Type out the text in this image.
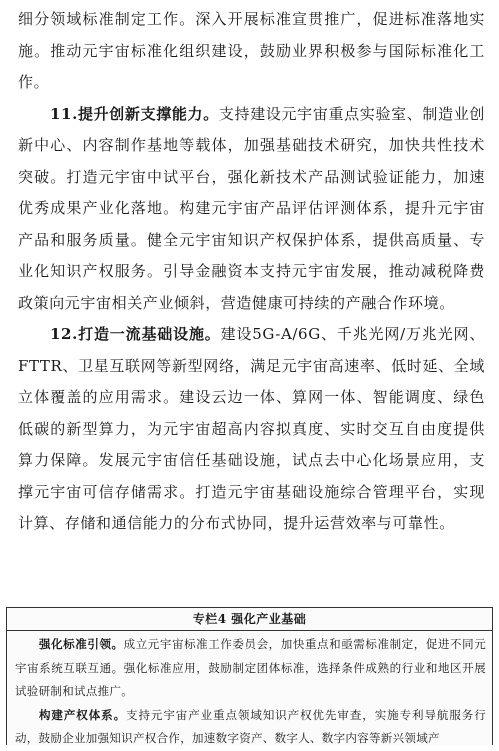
细分领域标准制定工作。深入开展标准宣贯推广，促进标准落地实施。推动元宇宙标准化组织建设，鼓励业界积极参与国际标准化工作。

11.提升创新支撑能力。支持建设元宇宙重点实验室、制造业创新中心、内容制作基地等载体，加强基础技术研究，加快共性技术突破。打造元宇宙中试平台，强化新技术产品测试验证能力，加速优秀成果产业化落地。构建元宇宙产品评估评测体系，提升元宇宙产品和服务质量。健全元宇宙知识产权保护体系，提供高质量、专业化知识产权服务。引导金融资本支持元宇宙发展，推动减税降费政策向元宇宙相关产业倾斜，营造健康可持续的产融合作环境。

12.打造一流基础设施。建设5G-A/6G、千兆光网/万兆光网、FTTR、卫星互联网等新型网络，满足元宇宙高速率、低时延、全域立体覆盖的应用需求。建设云边一体、算网一体、智能调度、绿色低碳的新型算力，为元宇宙超高内容拟真度、实时交互自由度提供算力保障。发展元宇宙信任基础设施，试点去中心化场景应用，支撑元宇宙可信存储需求。打造元宇宙基础设施综合管理平台，实现计算、存储和通信能力的分布式协同，提升运营效率与可靠性。

专栏4 强化产业基础

强化标准引领。成立元宇宙标准工作委员会，加快重点和亟需标准制定，促进不同元宇宙系统互联互通。强化标准应用，鼓励制定团体标准，选择条件成熟的行业和地区开展试验研制和试点推广。

构建产权体系。支持元宇宙产业重点领域知识产权优先审查，实施专利导航服务行动，鼓励企业加强知识产权合作，加速数字资产、数字人、数字内容等新兴领域产
